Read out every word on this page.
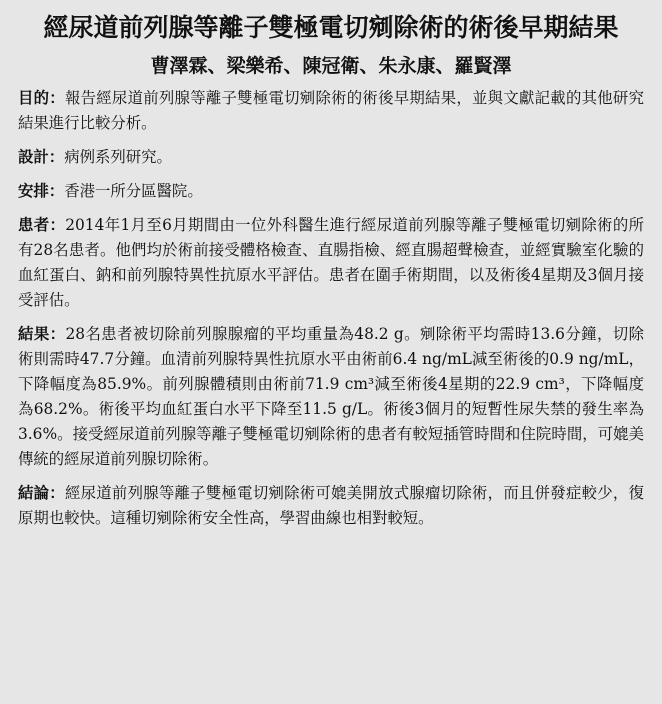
經尿道前列腺等離子雙極電切剜除術的術後早期結果
曹澤霖、梁樂希、陳冠衛、朱永康、羅賢澤

目的：報告經尿道前列腺等離子雙極電切剜除術的術後早期結果，並與文獻記載的其他研究結果進行比較分析。

設計：病例系列研究。

安排：香港一所分區醫院。

患者：2014年1月至6月期間由一位外科醫生進行經尿道前列腺等離子雙極電切剜除術的所有28名患者。他們均於術前接受體格檢查、直腸指檢、經直腸超聲檢查，並經實驗室化驗的血紅蛋白、鈉和前列腺特異性抗原水平評估。患者在圍手術期間，以及術後4星期及3個月接受評估。

結果：28名患者被切除前列腺腺瘤的平均重量為48.2 g。剜除術平均需時13.6分鐘，切除術則需時47.7分鐘。血清前列腺特異性抗原水平由術前6.4 ng/mL減至術後的0.9 ng/mL，下降幅度為85.9%。前列腺體積則由術前71.9 cm³減至術後4星期的22.9 cm³，下降幅度為68.2%。術後平均血紅蛋白水平下降至11.5 g/L。術後3個月的短暫性尿失禁的發生率為3.6%。接受經尿道前列腺等離子雙極電切剜除術的患者有較短插管時間和住院時間，可媲美傳統的經尿道前列腺切除術。

結論：經尿道前列腺等離子雙極電切剜除術可媲美開放式腺瘤切除術，而且併發症較少，復原期也較快。這種切剜除術安全性高，學習曲線也相對較短。
